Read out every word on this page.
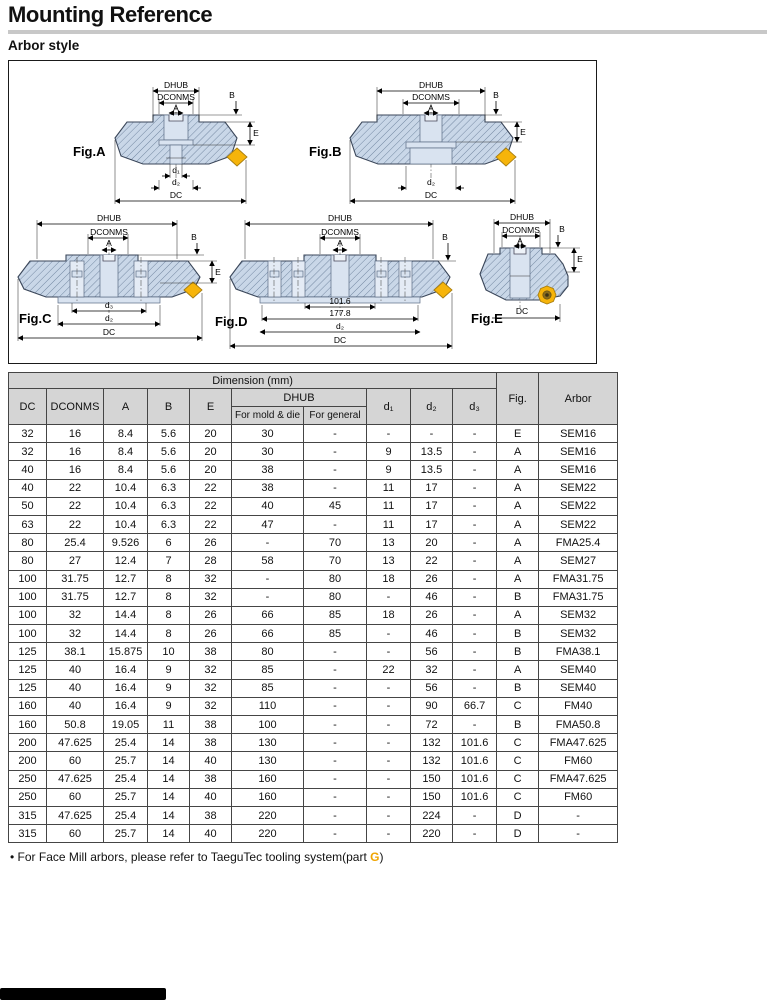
Mounting Reference
Arbor style
DHUB
DCONMS
A
B
E
d₁
d₂
DC
Fig.A
DHUB
DCONMS
A
B
E
d₂
DC
Fig.B
DHUB
DCONMS
A
B
E
d₃
d₂
DC
Fig.C
DHUB
DCONMS
A
B
101.6
177.8
d₂
DC
Fig.D
DHUB
DCONMS
A
B
E
DC
Fig.E
Dimension (mm)										Fig.	Arbor
DC	DCONMS	A	B	E	DHUB		d₁	d₂	d₃		
					For mold & die	For general					
32	16	8.4	5.6	20	30	-	-	-	-	E	SEM16
32	16	8.4	5.6	20	30	-	9	13.5	-	A	SEM16
40	16	8.4	5.6	20	38	-	9	13.5	-	A	SEM16
40	22	10.4	6.3	22	38	-	11	17	-	A	SEM22
50	22	10.4	6.3	22	40	45	11	17	-	A	SEM22
63	22	10.4	6.3	22	47	-	11	17	-	A	SEM22
80	25.4	9.526	6	26	-	70	13	20	-	A	FMA25.4
80	27	12.4	7	28	58	70	13	22	-	A	SEM27
100	31.75	12.7	8	32	-	80	18	26	-	A	FMA31.75
100	31.75	12.7	8	32	-	80	-	46	-	B	FMA31.75
100	32	14.4	8	26	66	85	18	26	-	A	SEM32
100	32	14.4	8	26	66	85	-	46	-	B	SEM32
125	38.1	15.875	10	38	80	-	-	56	-	B	FMA38.1
125	40	16.4	9	32	85	-	22	32	-	A	SEM40
125	40	16.4	9	32	85	-	-	56	-	B	SEM40
160	40	16.4	9	32	110	-	-	90	66.7	C	FM40
160	50.8	19.05	11	38	100	-	-	72	-	B	FMA50.8
200	47.625	25.4	14	38	130	-	-	132	101.6	C	FMA47.625
200	60	25.7	14	40	130	-	-	132	101.6	C	FM60
250	47.625	25.4	14	38	160	-	-	150	101.6	C	FMA47.625
250	60	25.7	14	40	160	-	-	150	101.6	C	FM60
315	47.625	25.4	14	38	220	-	-	224	-	D	-
315	60	25.7	14	40	220	-	-	220	-	D	-
• For Face Mill arbors, please refer to TaeguTec tooling system(part G)
